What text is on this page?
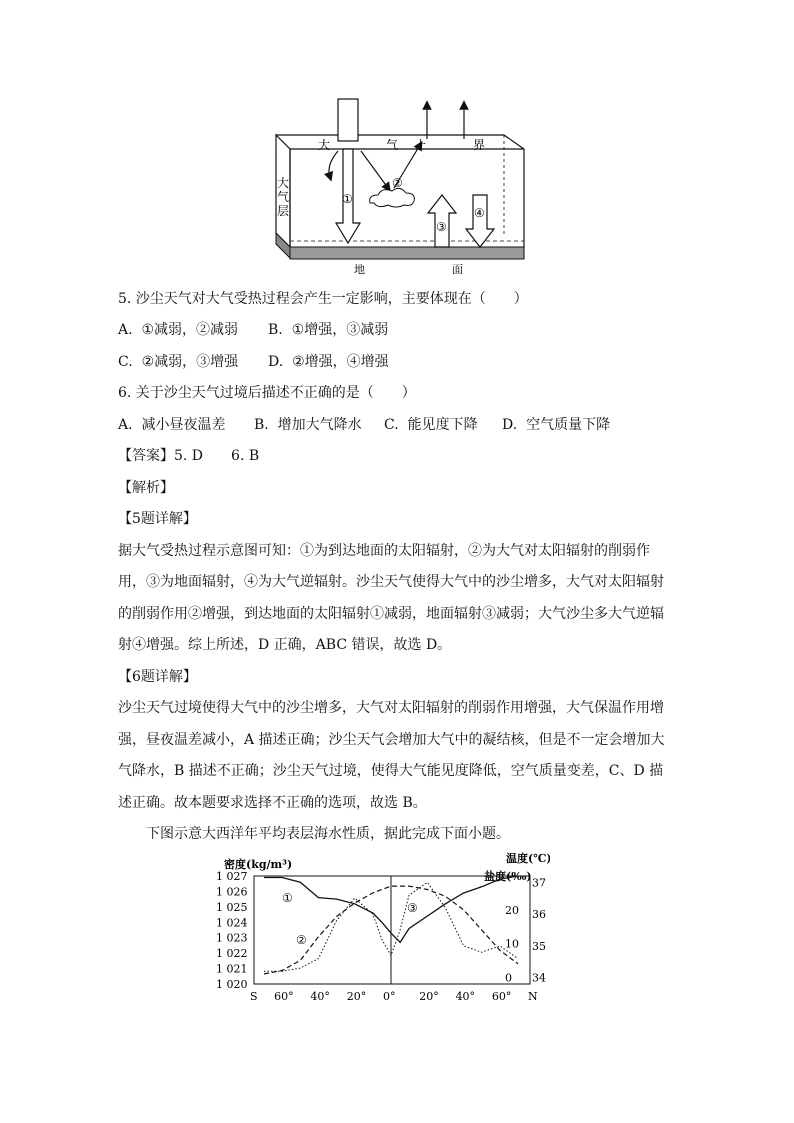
大	气 上	界
大
气
层
地	面
①
②
③
④
5. 沙尘天气对大气受热过程会产生一定影响，主要体现在（　　）
A. ①减弱，②减弱 B. ①增强，③减弱
C. ②减弱，③增强 D. ②增强，④增强
6. 关于沙尘天气过境后描述不正确的是（　　）
A. 减小昼夜温差 B. 增加大气降水 C. 能见度下降 D. 空气质量下降
【答案】5. D　　6. B
【解析】
【5题详解】
据大气受热过程示意图可知：①为到达地面的太阳辐射，②为大气对太阳辐射的削弱作
用，③为地面辐射，④为大气逆辐射。沙尘天气使得大气中的沙尘增多，大气对太阳辐射
的削弱作用②增强，到达地面的太阳辐射①减弱，地面辐射③减弱；大气沙尘多大气逆辐
射④增强。综上所述，D 正确，ABC 错误，故选 D。
【6题详解】
沙尘天气过境使得大气中的沙尘增多，大气对太阳辐射的削弱作用增强，大气保温作用增
强，昼夜温差减小，A 描述正确；沙尘天气会增加大气中的凝结核，但是不一定会增加大
气降水，B 描述不正确；沙尘天气过境，使得大气能见度降低，空气质量变差，C、D 描
述正确。故本题要求选择不正确的选项，故选 B。
下图示意大西洋年平均表层海水性质，据此完成下面小题。
密度(kg/m³)
盐度(‰)
温度(℃)
1 027
1 026
1 025
1 024
1 023
1 022
1 021
1 020
37
36
35
34
20
10
0
S 60° 40° 20° 0° 20° 40° 60° N
①
②
③
